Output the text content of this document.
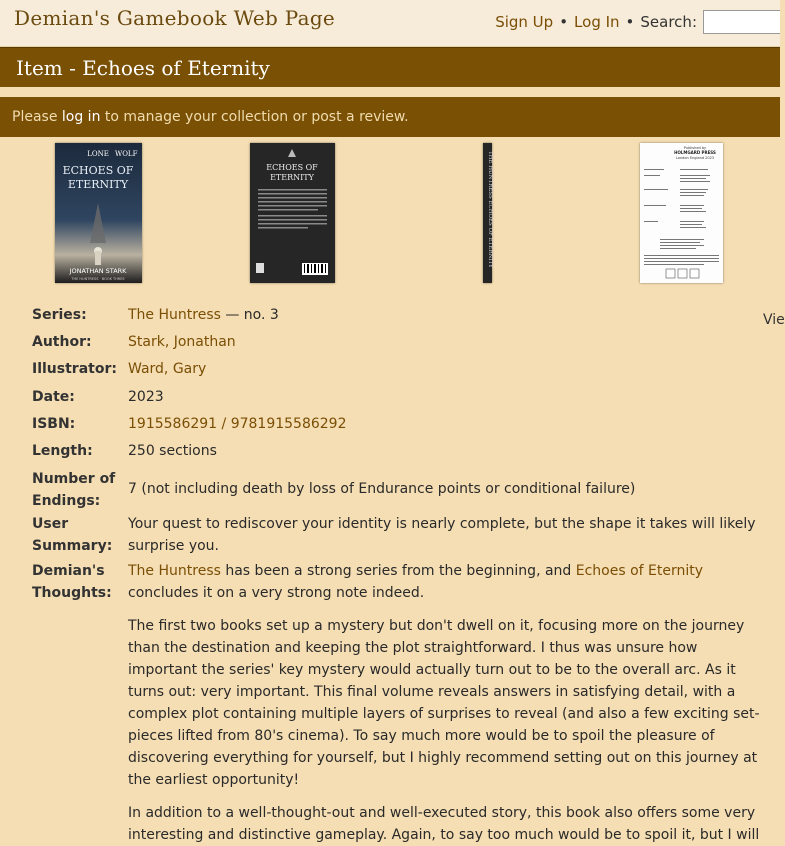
Demian's Gamebook Web Page	Sign Up • Log In • Search:
Item - Echoes of Eternity
Please log in to manage your collection or post a review.
LONE WOLF
ECHOES OF
ETERNITY
JONATHAN STARK
THE HUNTRESS · BOOK THREE
ECHOES OF
ETERNITY	THE HUNTRESS ECHOES OF ETERNITY
Published by
HOLMGARD PRESS
London England 2023
Vie
Series:	The Huntress — no. 3
Author:	Stark, Jonathan
Illustrator: Ward, Gary
Date:	2023
ISBN:	1915586291 / 9781915586292
Length:	250 sections
Number of Endings:
7 (not including death by loss of Endurance points or conditional failure)
User Summary:
Your quest to rediscover your identity is nearly complete, but the shape it takes will likely surprise you.
Demian's Thoughts:

The Huntress has been a strong series from the beginning, and Echoes of Eternity concludes it on a very strong note indeed.

The first two books set up a mystery but don't dwell on it, focusing more on the journey than the destination and keeping the plot straightforward. I thus was unsure how important the series' key mystery would actually turn out to be to the overall arc. As it turns out: very important. This final volume reveals answers in satisfying detail, with a complex plot containing multiple layers of surprises to reveal (and also a few exciting set-pieces lifted from 80's cinema). To say much more would be to spoil the pleasure of discovering everything for yourself, but I highly recommend setting out on this journey at the earliest opportunity!

In addition to a well-thought-out and well-executed story, this book also offers some very interesting and distinctive gameplay. Again, to say too much would be to spoil it, but I will
